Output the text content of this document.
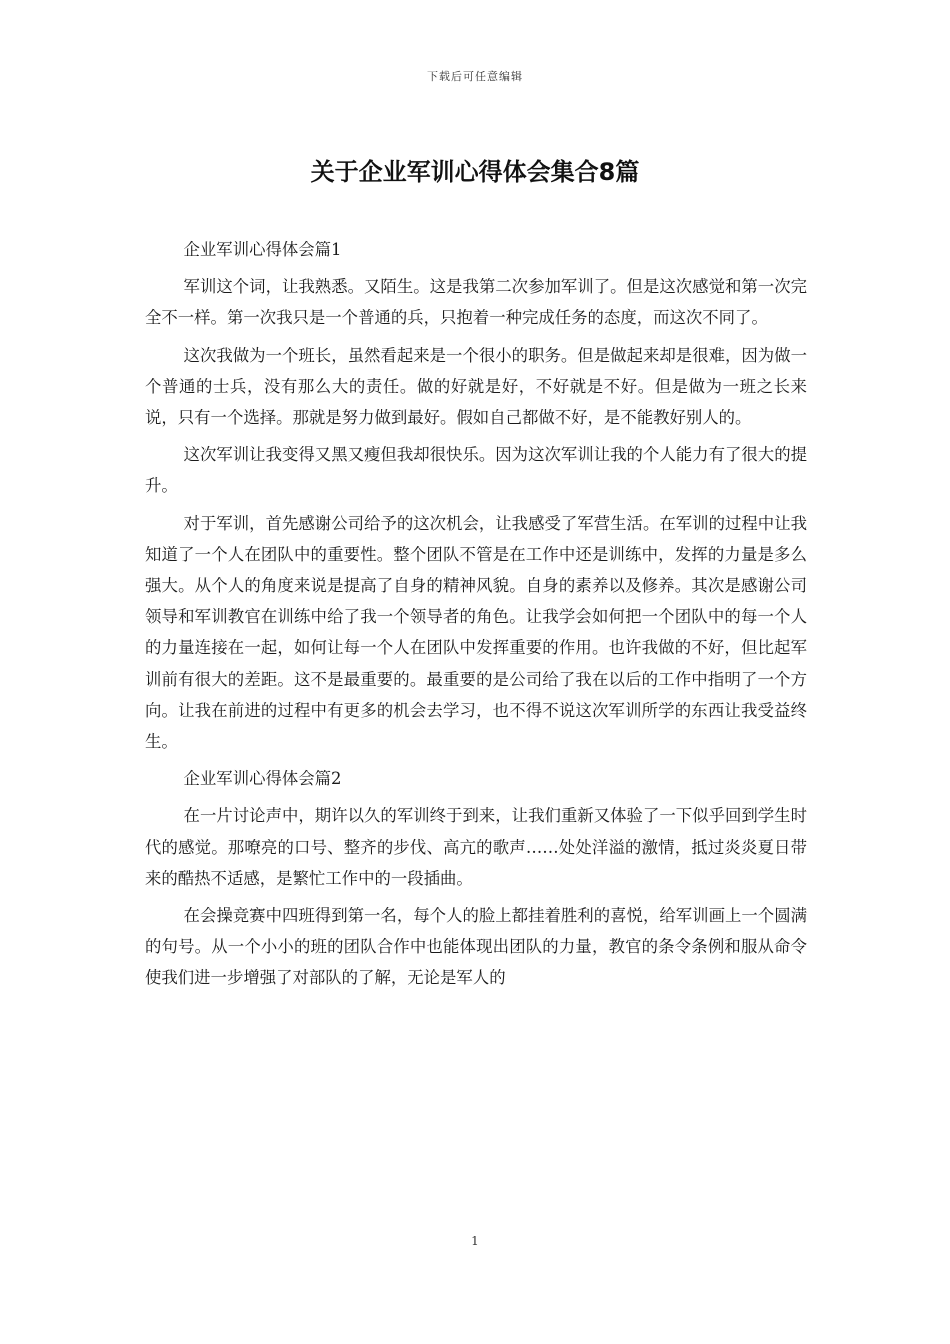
下载后可任意编辑
关于企业军训心得体会集合8篇

企业军训心得体会篇1

军训这个词，让我熟悉。又陌生。这是我第二次参加军训了。但是这次感觉和第一次完全不一样。第一次我只是一个普通的兵，只抱着一种完成任务的态度，而这次不同了。

这次我做为一个班长，虽然看起来是一个很小的职务。但是做起来却是很难，因为做一个普通的士兵，没有那么大的责任。做的好就是好，不好就是不好。但是做为一班之长来说，只有一个选择。那就是努力做到最好。假如自己都做不好，是不能教好别人的。

这次军训让我变得又黑又瘦但我却很快乐。因为这次军训让我的个人能力有了很大的提升。

对于军训，首先感谢公司给予的这次机会，让我感受了军营生活。在军训的过程中让我知道了一个人在团队中的重要性。整个团队不管是在工作中还是训练中，发挥的力量是多么强大。从个人的角度来说是提高了自身的精神风貌。自身的素养以及修养。其次是感谢公司领导和军训教官在训练中给了我一个领导者的角色。让我学会如何把一个团队中的每一个人的力量连接在一起，如何让每一个人在团队中发挥重要的作用。也许我做的不好，但比起军训前有很大的差距。这不是最重要的。最重要的是公司给了我在以后的工作中指明了一个方向。让我在前进的过程中有更多的机会去学习，也不得不说这次军训所学的东西让我受益终生。

企业军训心得体会篇2

在一片讨论声中，期许以久的军训终于到来，让我们重新又体验了一下似乎回到学生时代的感觉。那嘹亮的口号、整齐的步伐、高亢的歌声……处处洋溢的激情，抵过炎炎夏日带来的酷热不适感，是繁忙工作中的一段插曲。

在会操竞赛中四班得到第一名，每个人的脸上都挂着胜利的喜悦，给军训画上一个圆满的句号。从一个小小的班的团队合作中也能体现出团队的力量，教官的条令条例和服从命令使我们进一步增强了对部队的了解，无论是军人的

1
